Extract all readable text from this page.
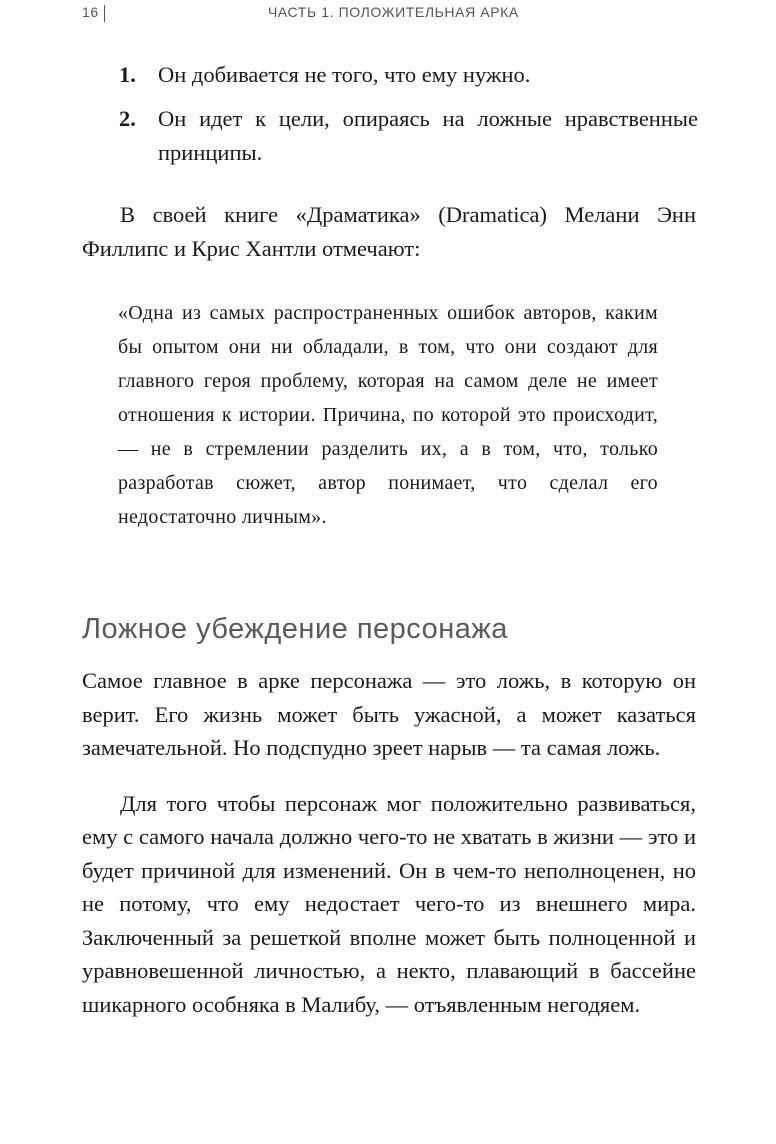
16	ЧАСТЬ 1. ПОЛОЖИТЕЛЬНАЯ АРКА
1. Он добивается не того, что ему нужно.
2. Он идет к цели, опираясь на ложные нравственные принципы.

В своей книге «Драматика» (Dramatica) Мелани Энн Филлипс и Крис Хантли отмечают:

«Одна из самых распространенных ошибок авторов, каким бы опытом они ни обладали, в том, что они создают для главного героя проблему, которая на самом деле не имеет отношения к истории. Причина, по которой это происходит, — не в стремлении разделить их, а в том, что, только разработав сюжет, автор понимает, что сделал его недостаточно личным».

Ложное убеждение персонажа

Самое главное в арке персонажа — это ложь, в которую он верит. Его жизнь может быть ужасной, а может казаться замечательной. Но подспудно зреет нарыв — та самая ложь.

Для того чтобы персонаж мог положительно развиваться, ему с самого начала должно чего-то не хватать в жизни — это и будет причиной для изменений. Он в чем-то неполноценен, но не потому, что ему недостает чего-то из внешнего мира. Заключенный за решеткой вполне может быть полноценной и уравновешенной личностью, а некто, плавающий в бассейне шикарного особняка в Малибу, — отъявленным негодяем.
